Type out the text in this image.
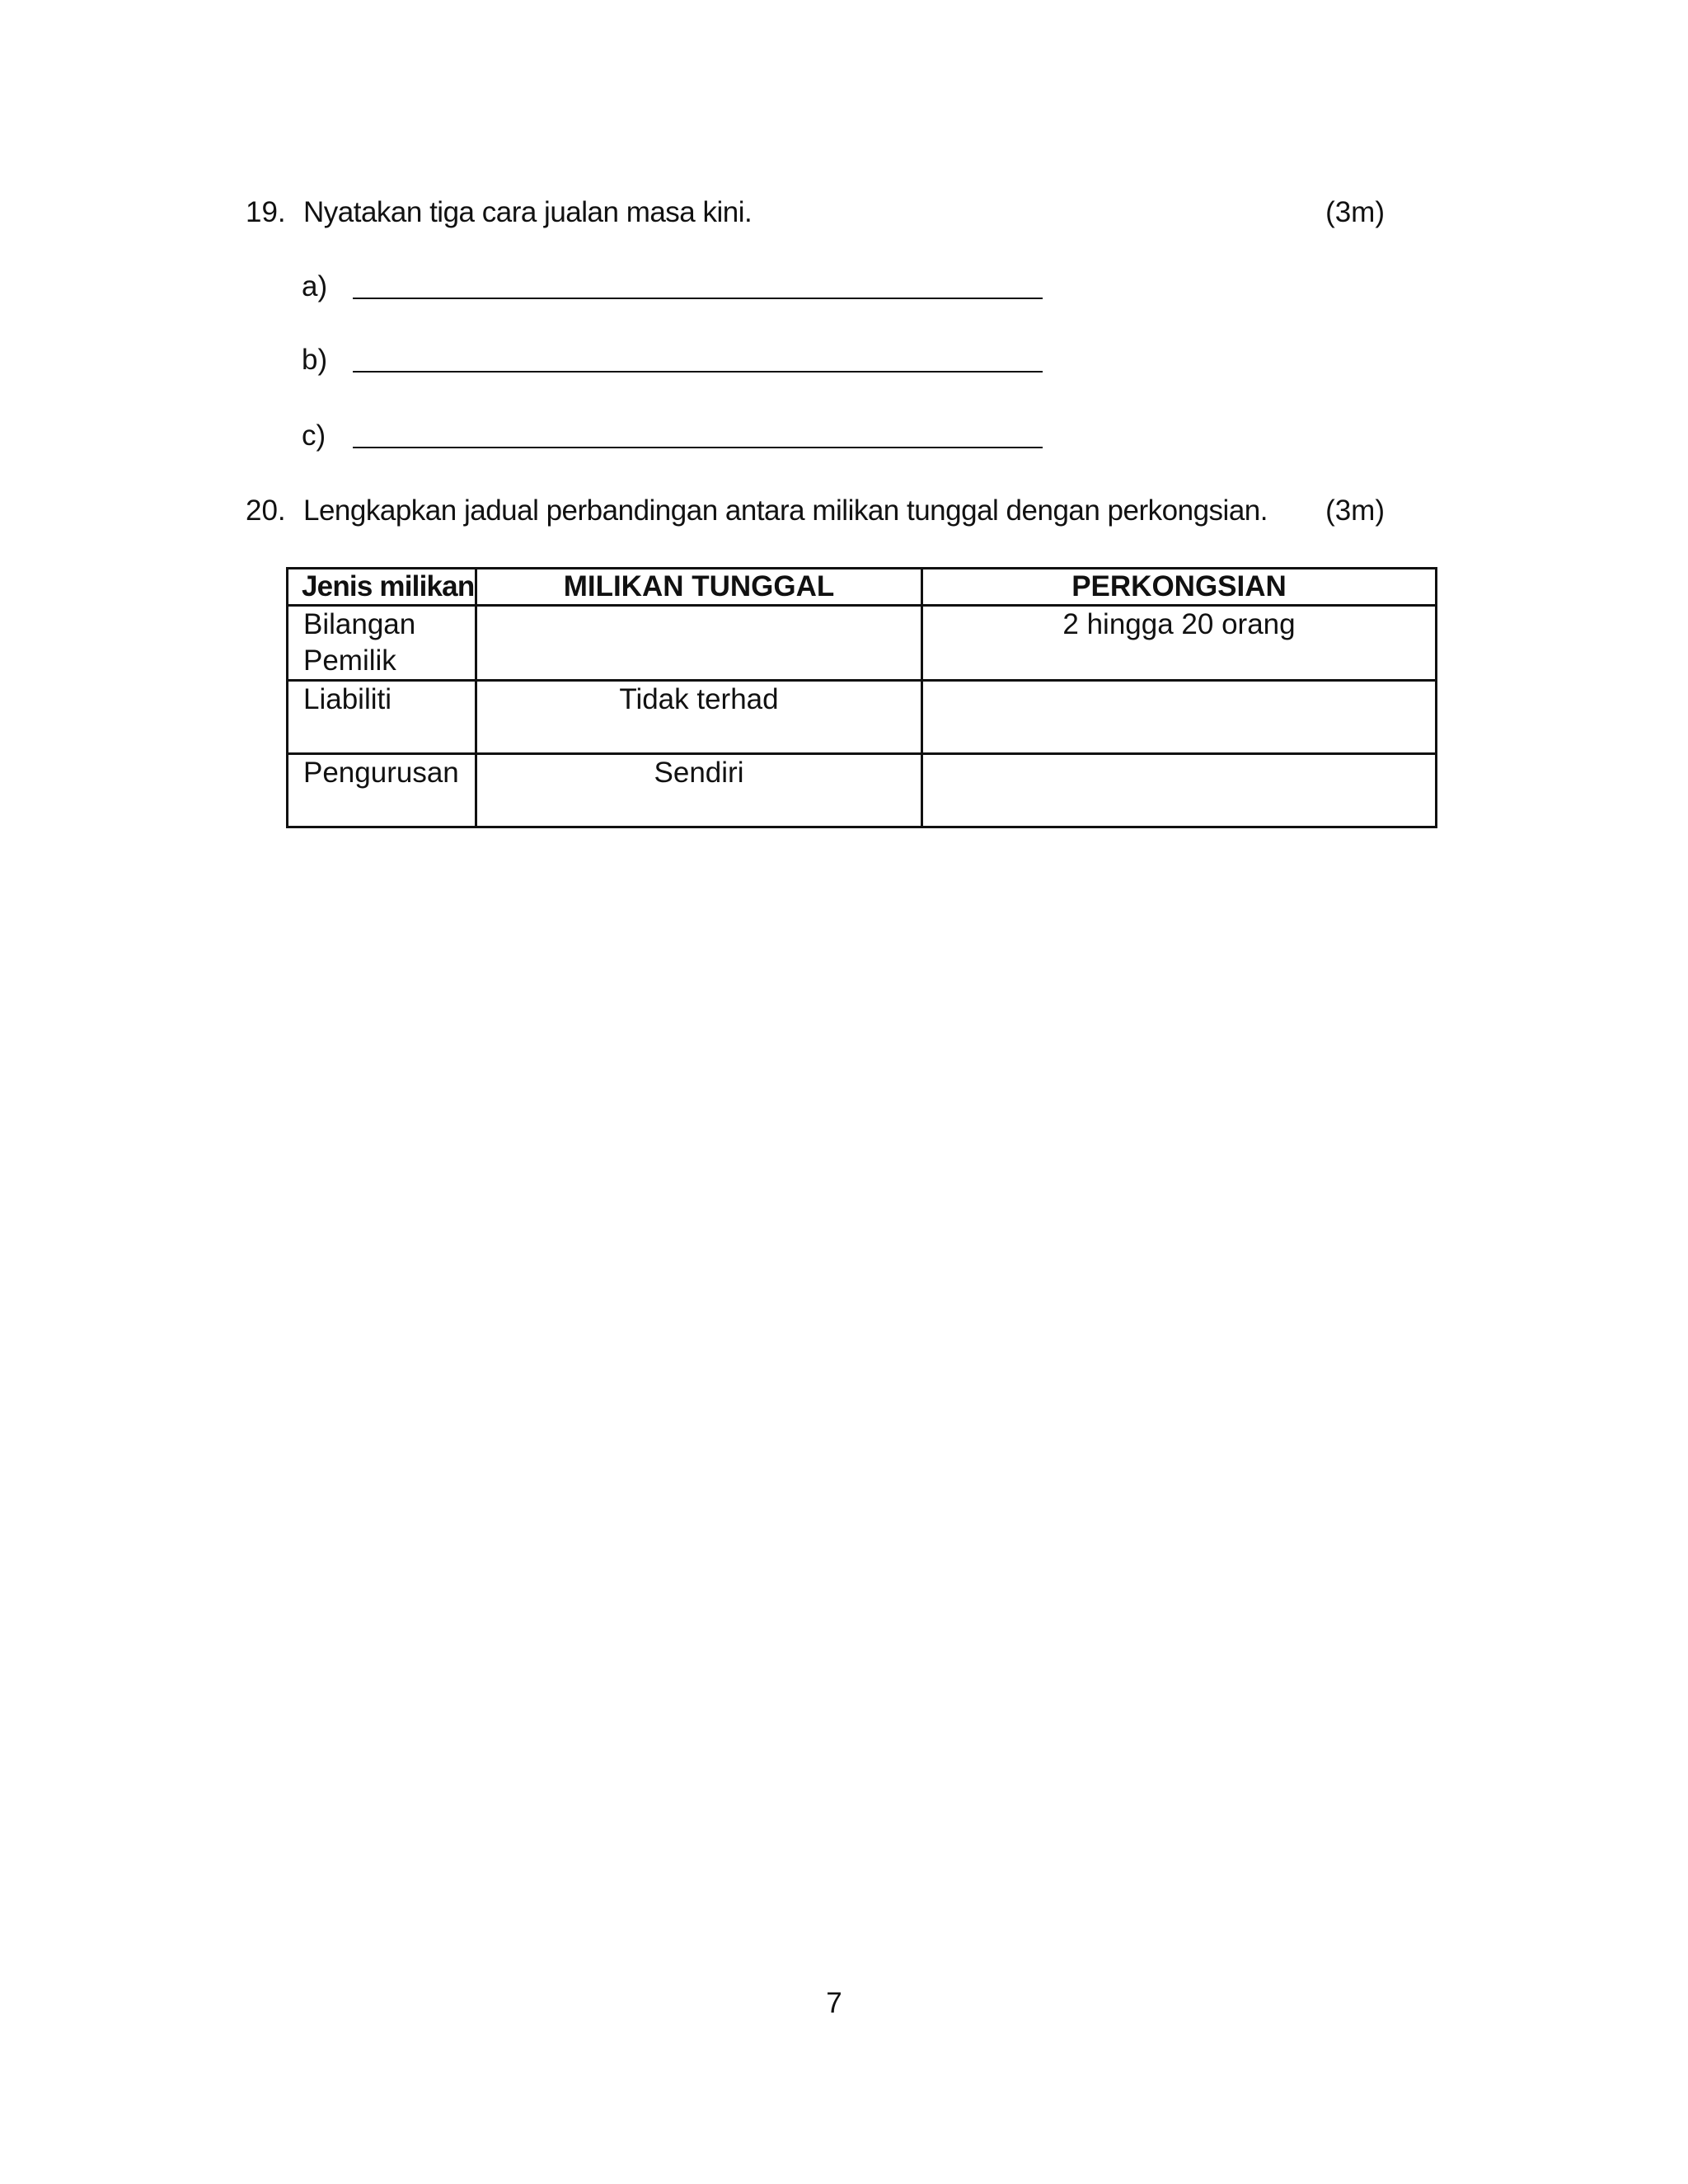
19. Nyatakan tiga cara jualan masa kini.	(3m)
a)
b)
c)
20. Lengkapkan jadual perbandingan antara milikan tunggal dengan perkongsian. (3m)
Jenis milikan	MILIKAN TUNGGAL	PERKONGSIAN

Bilangan
Pemilik		2 hingga 20 orang

Liabiliti	Tidak terhad	

Pengurusan	Sendiri	
7
